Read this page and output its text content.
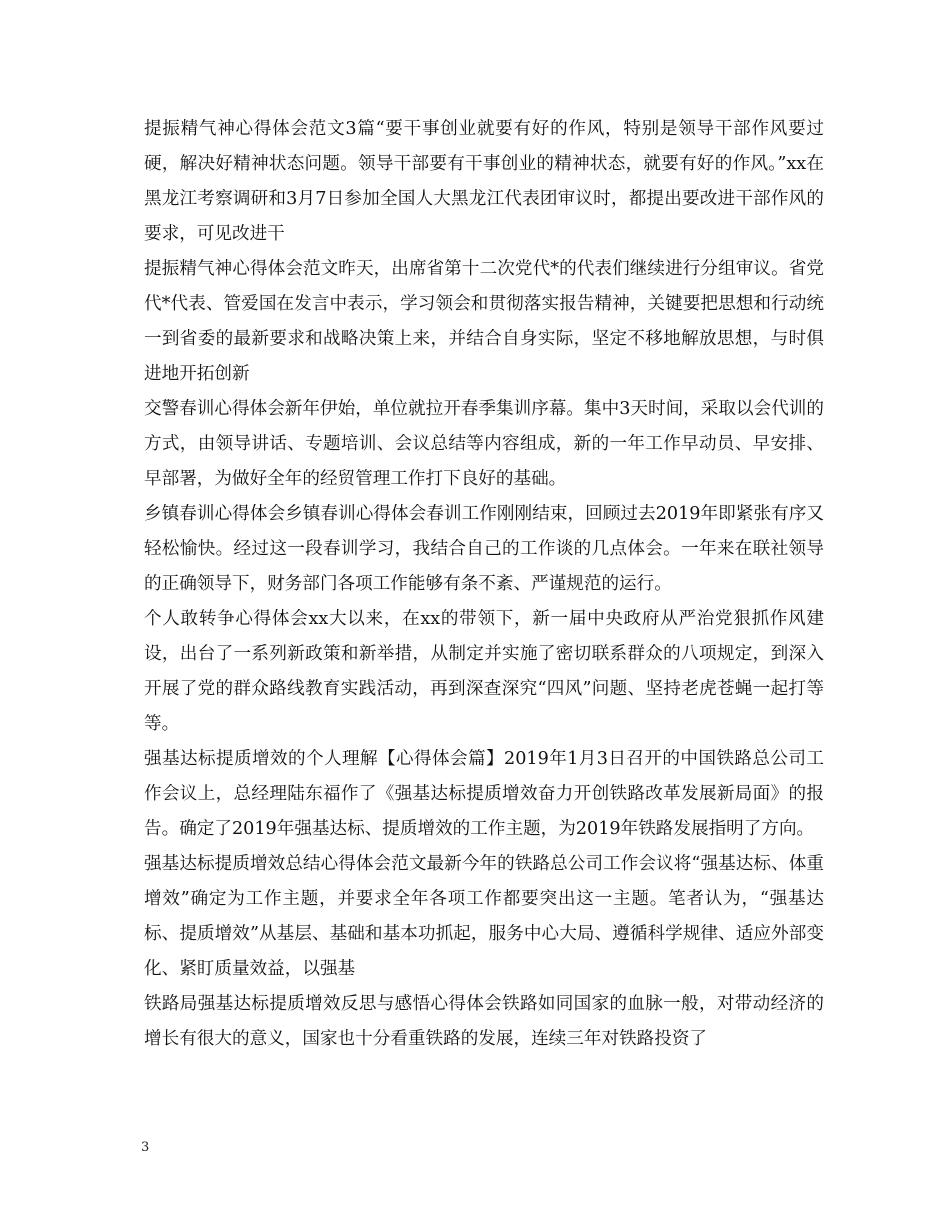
提振精气神心得体会范文3篇“要干事创业就要有好的作风，特别是领导干部作风要过硬，解决好精神状态问题。领导干部要有干事创业的精神状态，就要有好的作风。”xx在黑龙江考察调研和3月7日参加全国人大黑龙江代表团审议时，都提出要改进干部作风的要求，可见改进干

提振精气神心得体会范文昨天，出席省第十二次党代*的代表们继续进行分组审议。省党代*代表、管爱国在发言中表示，学习领会和贯彻落实报告精神，关键要把思想和行动统一到省委的最新要求和战略决策上来，并结合自身实际，坚定不移地解放思想，与时俱进地开拓创新

交警春训心得体会新年伊始，单位就拉开春季集训序幕。集中3天时间，采取以会代训的方式，由领导讲话、专题培训、会议总结等内容组成，新的一年工作早动员、早安排、早部署，为做好全年的经贸管理工作打下良好的基础。

乡镇春训心得体会乡镇春训心得体会春训工作刚刚结束，回顾过去2019年即紧张有序又轻松愉快。经过这一段春训学习，我结合自己的工作谈的几点体会。一年来在联社领导的正确领导下，财务部门各项工作能够有条不紊、严谨规范的运行。

个人敢转争心得体会xx大以来，在xx的带领下，新一届中央政府从严治党狠抓作风建设，出台了一系列新政策和新举措，从制定并实施了密切联系群众的八项规定，到深入开展了党的群众路线教育实践活动，再到深查深究“四风”问题、坚持老虎苍蝇一起打等等。

强基达标提质增效的个人理解【心得体会篇】2019年1月3日召开的中国铁路总公司工作会议上，总经理陆东福作了《强基达标提质增效奋力开创铁路改革发展新局面》的报告。确定了2019年强基达标、提质增效的工作主题，为2019年铁路发展指明了方向。

强基达标提质增效总结心得体会范文最新今年的铁路总公司工作会议将“强基达标、体重增效”确定为工作主题，并要求全年各项工作都要突出这一主题。笔者认为，“强基达标、提质增效”从基层、基础和基本功抓起，服务中心大局、遵循科学规律、适应外部变化、紧盯质量效益，以强基

铁路局强基达标提质增效反思与感悟心得体会铁路如同国家的血脉一般，对带动经济的增长有很大的意义，国家也十分看重铁路的发展，连续三年对铁路投资了

3
